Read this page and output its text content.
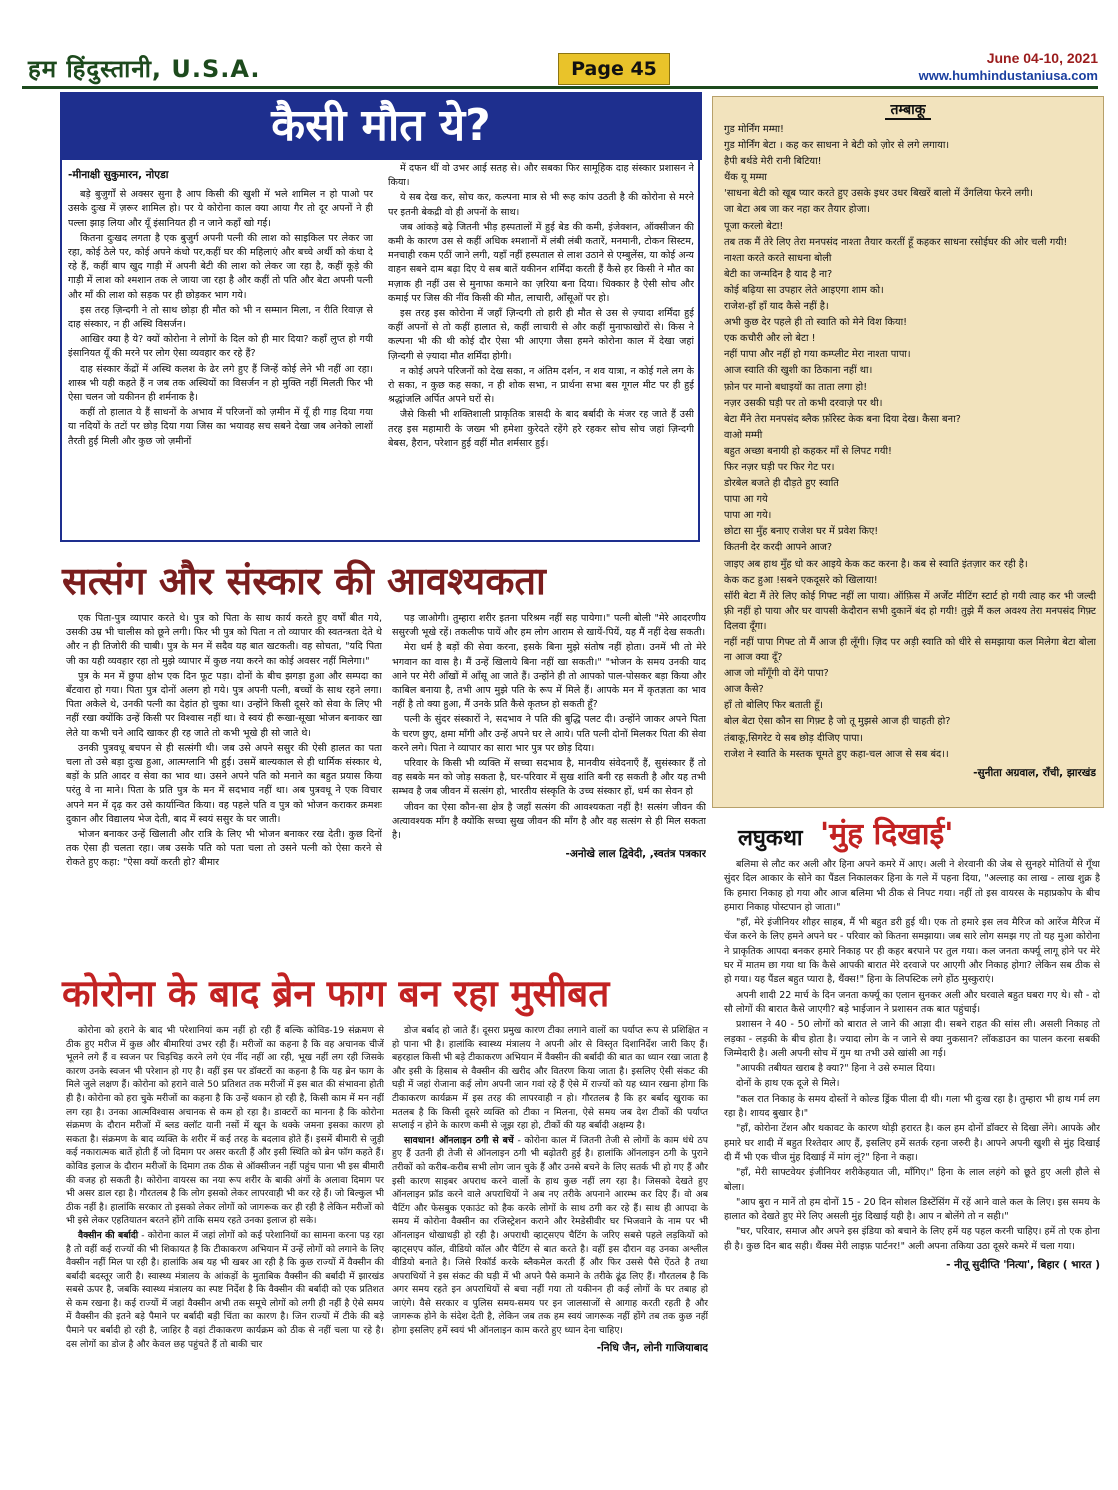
हम हिंदुस्तानी, U.S.A.	Page 45	June 04-10, 2021
www.humhindustaniusa.com
कैसी मौत ये?

-मीनाक्षी सुकुमारन, नोएडा

बड़े बुजुर्गों से अक्सर सुना है आप किसी की खुशी में भले शामिल न हो पाओ पर उसके दुःख में ज़रूर शामिल हो। पर ये कोरोना काल क्या आया गैर तो दूर अपनों ने ही पल्ला झाड़ लिया और यूँ इंसानियत ही न जाने कहाँ खो गई।

कितना दुःखद लगता है एक बुजुर्ग अपनी पत्नी की लाश को साइकिल पर लेकर जा रहा, कोई ठेले पर, कोई अपने कंधो पर,कहीं घर की महिलाएं और बच्चे अर्थी को कंधा दे रहे हैं, कहीं बाप खुद गाड़ी में अपनी बेटी की लाश को लेकर जा रहा है, कहीं कूड़े की गाड़ी में लाश को श्मशान तक ले जाया जा रहा है और कहीं तो पति और बेटा अपनी पत्नी और माँ की लाश को सड़क पर ही छोड़कर भाग गये।

इस तरह ज़िन्दगी ने तो साथ छोड़ा ही मौत को भी न सम्मान मिला, न रीति रिवाज़ से दाह संस्कार, न ही अस्थि विसर्जन।

आखिर क्या है ये? क्यों कोरोना ने लोगों के दिल को ही मार दिया? कहाँ लुप्त हो गयी इंसानियत यूँ की मरने पर लोग ऐसा व्यवहार कर रहे हैं?

दाह संस्कार केंद्रों में अस्थि कलश के ढेर लगे हुए हैं जिन्हें कोई लेने भी नहीं आ रहा। शास्त्र भी यही कहते हैं न जब तक अस्थियों का विसर्जन न हो मुक्ति नहीं मिलती फिर भी ऐसा चलन जो यकीनन ही शर्मनाक है।

कहीं तो हालात ये हैं साधनों के अभाव में परिजनों को ज़मीन में यूँ ही गाड़ दिया गया या नदियों के तटों पर छोड़ दिया गया जिस का भयावह सच सबने देखा जब अनेको लाशों तैरती हुई मिली और कुछ जो ज़मीनों

में दफन थीं वो उभर आई सतह से। और सबका फिर सामूहिक दाह संस्कार प्रशासन ने किया।

ये सब देख कर, सोच कर, कल्पना मात्र से भी रूह कांप उठती है की कोरोना से मरने पर इतनी बेकद्री वो ही अपनों के साथ।

जब आंकड़े बढ़े जितनी भीड़ हस्पतालों में हुई बेड की कमी, इंजेक्शन, ऑक्सीजन की कमी के कारण उस से कहीं अधिक श्मशानों में लंबी लंबी कतारें, मनमानी, टोकन सिस्टम, मनचाही रकम एठीं जाने लगी, यहाँ नहीं हस्पताल से लाश उठाने से एम्बुलेंस, या कोई अन्य वाहन सबने दाम बढ़ा दिए ये सब बातें यकीनन शर्मिंदा करती हैं कैसे हर किसी ने मौत का मज़ाक ही नहीं उस से मुनाफा कमाने का ज़रिया बना दिया। धिक्कार है ऐसी सोच और कमाई पर जिस की नींव किसी की मौत, लाचारी, आँसूओं पर हो।

इस तरह इस कोरोना में जहाँ ज़िन्दगी तो हारी ही मौत से उस से ज़्यादा शर्मिंदा हुई कहीं अपनों से तो कहीं हालात से, कहीं लाचारी से और कहीं मुनाफाखोरों से। किस ने कल्पना भी की थी कोई दौर ऐसा भी आएगा जैसा हमने कोरोना काल में देखा जहां ज़िन्दगी से ज़्यादा मौत शर्मिंदा होगी।

न कोई अपने परिजनों को देख सका, न अंतिम दर्शन, न शव यात्रा, न कोई गले लग के रो सका, न कुछ कह सका, न ही शोक सभा, न प्रार्थना सभा बस गूगल मीट पर ही हुई श्रद्धांजलि अर्पित अपने घरों से।

जैसे किसी भी शक्तिशाली प्राकृतिक त्रासदी के बाद बर्बादी के मंजर रह जाते हैं उसी तरह इस महामारी के जख्म भी हमेशा कुरेदते रहेंगे हरे रहकर सोच सोच जहां ज़िन्दगी बेबस, हैरान, परेशान हुई वहीं मौत शर्मसार हुई।

सत्संग और संस्कार की आवश्यकता

एक पिता-पुत्र व्यापार करते थे। पुत्र को पिता के साथ कार्य करते हुए वर्षों बीत गये, उसकी उम्र भी चालीस को छूने लगी। फिर भी पुत्र को पिता न तो व्यापार की स्वतन्त्रता देते थे और न ही तिजोरी की चाबी। पुत्र के मन में सदैव यह बात खटकती। वह सोचता, "यदि पिता जी का यही व्यवहार रहा तो मुझे व्यापार में कुछ नया करने का कोई अवसर नहीं मिलेगा।"

पुत्र के मन में छुपा क्षोभ एक दिन फूट पड़ा। दोनों के बीच झगड़ा हुआ और सम्पदा का बँटवारा हो गया। पिता पुत्र दोनों अलग हो गये। पुत्र अपनी पत्नी, बच्चों के साथ रहने लगा। पिता अकेले थे, उनकी पत्नी का देहांत हो चुका था। उन्होंने किसी दूसरे को सेवा के लिए भी नहीं रखा क्योंकि उन्हें किसी पर विश्वास नहीं था। वे स्वयं ही रूखा-सूखा भोजन बनाकर खा लेते या कभी चने आदि खाकर ही रह जाते तो कभी भूखे ही सो जाते थे।

उनकी पुत्रवधू बचपन से ही सत्संगी थी। जब उसे अपने ससुर की ऐसी हालत का पता चला तो उसे बड़ा दुःख हुआ, आत्मग्लानि भी हुई। उसमें बाल्यकाल से ही धार्मिक संस्कार थे, बड़ों के प्रति आदर व सेवा का भाव था। उसने अपने पति को मनाने का बहुत प्रयास किया परंतु वे ना माने। पिता के प्रति पुत्र के मन में सदभाव नहीं था। अब पुत्रवधू ने एक विचार अपने मन में दृढ़ कर उसे कार्यान्वित किया। वह पहले पति व पुत्र को भोजन कराकर क्रमशः दुकान और विद्यालय भेज देती, बाद में स्वयं ससुर के घर जाती।

भोजन बनाकर उन्हें खिलाती और रात्रि के लिए भी भोजन बनाकर रख देती। कुछ दिनों तक ऐसा ही चलता रहा। जब उसके पति को पता चला तो उसने पत्नी को ऐसा करने से रोकते हुए कहा: "ऐसा क्यों करती हो? बीमार

पड़ जाओगी। तुम्हारा शरीर इतना परिश्रम नहीं सह पायेगा।" पत्नी बोली "मेरे आदरणीय ससुरजी भूखे रहें। तकलीफ पायें और हम लोग आराम से खायें-पियें, यह मैं नहीं देख सकती।

मेरा धर्म है बड़ों की सेवा करना, इसके बिना मुझे संतोष नहीं होता। उनमें भी तो मेरे भगवान का वास है। मैं उन्हें खिलाये बिना नहीं खा सकती।" "भोजन के समय उनकी याद आने पर मेरी आँखों में आँसू आ जाते हैं। उन्होंने ही तो आपको पाल-पोसकर बड़ा किया और काबिल बनाया है, तभी आप मुझे पति के रूप में मिले हैं। आपके मन में कृतज्ञता का भाव नहीं है तो क्या हुआ, मैं उनके प्रति कैसे कृतघ्न हो सकती हूँ?

पत्नी के सुंदर संस्कारों ने, सदभाव ने पति की बुद्धि पलट दी। उन्होंने जाकर अपने पिता के चरण छुए, क्षमा माँगी और उन्हें अपने घर ले आये। पति पत्नी दोनों मिलकर पिता की सेवा करने लगे। पिता ने व्यापार का सारा भार पुत्र पर छोड़ दिया।

परिवार के किसी भी व्यक्ति में सच्चा सदभाव है, मानवीय संवेदनाएँ हैं, सुसंस्कार हैं तो वह सबके मन को जोड़ सकता है, घर-परिवार में सुख शांति बनी रह सकती है और यह तभी सम्भव है जब जीवन में सत्संग हो, भारतीय संस्कृति के उच्च संस्कार हों, धर्म का सेवन हो

जीवन का ऐसा कौन-सा क्षेत्र है जहाँ सत्संग की आवश्यकता नहीं है! सत्संग जीवन की अत्यावश्यक माँग है क्योंकि सच्चा सुख जीवन की माँग है और वह सत्संग से ही मिल सकता है।

-अनोखे लाल द्विवेदी, ,स्वतंत्र पत्रकार

कोरोना के बाद ब्रेन फाग बन रहा मुसीबत

कोरोना को हराने के बाद भी परेशानियां कम नहीं हो रही हैं बल्कि कोविड-19 संक्रमण से ठीक हुए मरीज में कुछ और बीमारियां उभर रही हैं। मरीजों का कहना है कि वह अचानक चीजें भूलने लगे हैं व स्वजन पर चिड़चिड़ करने लगे एंव नींद नहीं आ रही, भूख नहीं लग रही जिसके कारण उनके स्वजन भी परेशान हो गए है। वहीं इस पर डॉक्टरों का कहना है कि यह ब्रेन फाग के मिले जुले लक्षण हैं। कोरोना को हराने वाले 50 प्रतिशत तक मरीजों में इस बात की संभावना होती ही है। कोरोना को हरा चुके मरीजों का कहना है कि उन्हें थकान हो रही है, किसी काम में मन नहीं लग रहा है। उनका आत्मविश्वास अचानक से कम हो रहा है। डाक्टरों का मानना है कि कोरोना संक्रमण के दौरान मरीजों में ब्लड क्लॉट यानी नसों में खून के थक्के जमना इसका कारण हो सकता है। संक्रमण के बाद व्यक्ति के शरीर में कई तरह के बदलाव होते हैं। इसमें बीमारी से जुड़ी कई नकारात्मक बातें होती हैं जो दिमाग पर असर करती हैं और इसी स्थिति को ब्रेन फॉग कहते हैं। कोविड इलाज के दौरान मरीजों के दिमाग तक ठीक से ऑक्सीजन नहीं पहुंच पाना भी इस बीमारी की वजह हो सकती है। कोरोना वायरस का नया रूप शरीर के बाकी अंगों के अलावा दिमाग पर भी असर डाल रहा है। गौरतलब है कि लोग इसको लेकर लापरवाही भी कर रहे हैं। जो बिल्कुल भी ठीक नहीं है। हालांकि सरकार तो इसको लेकर लोगों को जागरूक कर ही रही है लेकिन मरीजों को भी इसे लेकर एहतियातन बरतने होंगे ताकि समय रहते उनका इलाज हो सके।

वैक्सीन की बर्बादी - कोरोना काल में जहां लोगों को कई परेशानियों का सामना करना पड़ रहा है तो वहीं कई राज्यों की भी शिकायत है कि टीकाकरण अभियान में उन्हें लोगों को लगाने के लिए वैक्सीन नहीं मिल पा रही है। हालांकि अब यह भी खबर आ रही है कि कुछ राज्यों में वैक्सीन की बर्बादी बदस्तूर जारी है। स्वास्थ्य मंत्रालय के आंकड़ों के मुताबिक वैक्सीन की बर्बादी में झारखंड सबसे ऊपर है, जबकि स्वास्थ्य मंत्रालय का स्पष्ट निर्देश है कि वैक्सीन की बर्बादी को एक प्रतिशत से कम रखना है। कई राज्यों में जहां वैक्सीन अभी तक समूचे लोगों को लगी ही नहीं है ऐसे समय में वैक्सीन की इतने बड़े पैमाने पर बर्बादी बड़ी चिंता का कारण है। जिन राज्यों में टीके की बड़े पैमाने पर बर्बादी हो रही है, जाहिर है वहां टीकाकरण कार्यक्रम को ठीक से नहीं चला पा रहे है। दस लोगों का डोज है और केवल छह पहुंचते हैं तो बाकी चार

डोज बर्बाद हो जाते हैं। दूसरा प्रमुख कारण टीका लगाने वालों का पर्याप्त रूप से प्रशिक्षित न हो पाना भी है। हालांकि स्वास्थ्य मंत्रालय ने अपनी ओर से विस्तृत दिशानिर्देश जारी किए हैं। बहरहाल किसी भी बड़े टीकाकरण अभियान में वैक्सीन की बर्बादी की बात का ध्यान रखा जाता है और इसी के हिसाब से वैक्सीन की खरीद और वितरण किया जाता है। इसलिए ऐसी संकट की घड़ी में जहां रोजाना कई लोग अपनी जान गवां रहे हैं ऐसे में राज्यों को यह ध्यान रखना होगा कि टीकाकरण कार्यक्रम में इस तरह की लापरवाही न हो। गौरतलब है कि हर बर्बाद खुराक का मतलब है कि किसी दूसरे व्यक्ति को टीका न मिलना, ऐसे समय जब देश टीकों की पर्याप्त सप्लाई न होने के कारण कमी से जूझ रहा हो, टीकों की यह बर्बादी अक्षम्य है।

सावधान! ऑनलाइन ठगी से बचें - कोरोना काल में जितनी तेजी से लोगों के काम धंधे ठप हुए हैं उतनी ही तेजी से ऑनलाइन ठगी भी बढ़ोतरी हुई है। हालांकि ऑनलाइन ठगी के पुराने तरीकों को करीब-करीब सभी लोग जान चुके हैं और उनसे बचने के लिए सतर्क भी हो गए हैं और इसी कारण साइबर अपराध करने वालों के हाथ कुछ नहीं लग रहा है। जिसको देखते हुए ऑनलाइन फ्रॉड करने वाले अपराधियों ने अब नए तरीके अपनाने आरम्भ कर दिए हैं। वो अब चैटिंग और फेसबुक एकाउंट को हैक करके लोगों के साथ ठगी कर रहे हैं। साथ ही आपदा के समय में कोरोना वैक्सीन का रजिस्ट्रेशन कराने और रेमडेसीवीर घर भिजवाने के नाम पर भी ऑनलाइन धोखाधड़ी हो रही है। अपराधी व्हाट्सएप चैटिंग के जरिए सबसे पहले लड़कियों को व्हाट्सएप कॉल, वीडियो कॉल और चैटिंग से बात करते है। वहीं इस दौरान वह उनका अश्लील वीडियो बनाते है। जिसे रिकॉर्ड करके ब्लैकमेल करती हैं और फिर उससे पैसे ऐंठते है तथा अपराधियों ने इस संकट की घड़ी में भी अपने पैसे कमाने के तरीके ढूंढ लिए हैं। गौरतलब है कि अगर समय रहते इन अपराधियों से बचा नहीं गया तो यकीनन ही कई लोगों के घर तबाह हो जाएंगे। वैसे सरकार व पुलिस समय-समय पर इन जालसाजों से आगाह करती रहती है और जागरूक होने के संदेश देती है, लेकिन जब तक हम स्वयं जागरूक नहीं होंगे तब तक कुछ नहीं होगा इसलिए हमें स्वयं भी ऑनलाइन काम करते हुए ध्यान देना चाहिए।

-निधि जैन, लोनी गाजियाबाद

तम्बाकू

गुड मोर्निंग मम्मा!

गुड मोर्निंग बेटा । कह कर साधना ने बेटी को ज़ोर से लगे लगाया।

हैपी बर्थडे मेरी रानी बिटिया!

थैंक यू मम्मा

'साधना बेटी को खूब प्यार करते हुए उसके इधर उधर बिखरें बालो में उँगलिया फेरने लगी।

जा बेटा अब जा कर नहा कर तैयार होजा।

पूजा करलो बेटा!

तब तक मैं तेरे लिए तेरा मनपसंद नाश्ता तैयार करतीं हूँ कहकर साधना रसोईघर की ओर चली गयी!

नाश्ता करते करते साधना बोली

बेटी का जन्मदिन है याद है ना?

कोई बढ़िया सा उपहार लेते आइएगा शाम को।

राजेश-हाँ हाँ याद कैसे नहीं है।

अभी कुछ देर पहले ही तो स्वाति को मेने विश किया!

एक कचौरी और लो बेटा !

नहीं पापा और नहीं हो गया कम्प्लीट मेरा नाश्ता पापा।

आज स्वाति की खुशी का ठिकाना नहीं था।

फ़ोन पर मानो बधाइयों का ताता लगा हो!

नज़र उसकी घड़ी पर तो कभी दरवाज़े पर थी।

बेटा मैंने तेरा मनपसंद ब्लैक फ़ॉरेस्ट केक बना दिया देख। कैसा बना?

वाओ मम्मी

बहुत अच्छा बनायी हो कहकर माँ से लिपट गयी!

फिर नज़र घड़ी पर फिर गेट पर।

डोरबेल बजते ही दौड़ते हुए स्वाति

पापा आ गये

पापा आ गये।

छोटा सा मुँह बनाए राजेश घर में प्रवेश किए!

कितनी देर करदी आपने आज?

जाइए अब हाथ मुँह धो कर आइये केक कट करना है। कब से स्वाति इंतज़ार कर रही है।

केक कट हुआ !सबने एकदूसरे को खिलाया!

सॉरी बेटा मैं तेरे लिए कोई गिफ्ट नहीं ला पाया। ऑफ़िस में अर्जेंट मीटिंग स्टार्ट हो गयी त्वाह कर भी जल्दी फ़्री नहीं हो पाया और घर वापसी केदौरान सभी दुकानें बंद हो गयी! तुझे मैं कल अवश्य तेरा मनपसंद गिफ़्ट दिलवा दूँगा।

नहीं नहीं पापा गिफ्ट तो मैं आज ही लूँगी। ज़िद पर अड़ी स्वाति को धीरे से समझाया कल मिलेगा बेटा बोला ना आज क्या दूँ?

आज जो माँगूँगी वो देंगे पापा?

आज कैसे?

हाँ तो बोलिए फिर बताती हूँ।

बोल बेटा ऐसा कौन सा गिफ़्ट है जो तू मुझसे आज ही चाहती हो?

तंबाकू,सिगरेट ये सब छोड़ दीजिए पापा।

राजेश ने स्वाति के मस्तक चूमते हुए कहा-चल आज से सब बंद।।

-सुनीता अग्रवाल, राँची, झारखंड

लघुकथा 'मुंह दिखाई'

बलिमा से लौट कर अली और हिना अपने कमरे में आए। अली ने शेरवानी की जेब से सुनहरे मोतियों से गूँथा सुंदर दिल आकार के सोने का पैंडल निकालकर हिना के गले में पहना दिया, "अल्लाह का लाख - लाख शुक्र है कि हमारा निकाह हो गया और आज बलिमा भी ठीक से निपट गया। नहीं तो इस वायरस के महाप्रकोप के बीच हमारा निकाह पोस्टपान हो जाता।"

"हाँ, मेरे इंजीनियर शौहर साहब, मैं भी बहुत डरी हुई थी। एक तो हमारे इस लव मैरिज को आरेंज मैरिज में चेंज करने के लिए हमने अपने घर - परिवार को कितना समझाया। जब सारे लोग समझ गए तो यह मुआ कोरोना ने प्राकृतिक आपदा बनकर हमारे निकाह पर ही कहर बरपाने पर तुल गया। कल जनता कर्फ्यू लागू होने पर मेरे घर में मातम छा गया था कि कैसे आपकी बारात मेरे दरवाजे पर आएगी और निकाह होगा? लेकिन सब ठीक से हो गया। यह पैंडल बहुत प्यारा है, थैंक्स!" हिना के लिपस्टिक लगे होंठ मुस्कुराएं।

अपनी शादी 22 मार्च के दिन जनता कर्फ्यू का एलान सुनकर अली और घरवाले बहुत घबरा गए थे। सौ - दो सौ लोगों की बारात कैसे जाएगी? बड़े भाईजान ने प्रशासन तक बात पहुंचाई।

प्रशासन ने 40 - 50 लोगों को बारात ले जाने की आज्ञा दी। सबने राहत की सांस ली। असली निकाह तो लड़का - लड़की के बीच होता है। ज्यादा लोग के न जाने से क्या नुकसान? लॉकडाउन का पालन करना सबकी जिम्मेदारी है। अली अपनी सोच में गुम था तभी उसे खांसी आ गई।

"आपकी तबीयत खराब है क्या?" हिना ने उसे रुमाल दिया।

दोनों के हाथ एक दूजे से मिले।

"कल रात निकाह के समय दोस्तों ने कोल्ड ड्रिंक पीला दी थी। गला भी दुःख रहा है। तुम्हारा भी हाथ गर्म लग रहा है। शायद बुखार है।"

"हाँ, कोरोना टेंशन और थकावट के कारण थोड़ी हरारत है। कल हम दोनों डॉक्टर से दिखा लेंगे। आपके और हमारे घर शादी में बहुत रिश्तेदार आए हैं, इसलिए हमें सतर्क रहना जरुरी है। आपने अपनी खुशी से मुंह दिखाई दी मैं भी एक चीज मुंह दिखाई में मांग लूं?" हिना ने कहा।

"हाँ, मेरी साफ्टवेयर इंजीनियर शरीकेहयात जी, माँगिए।" हिना के लाल लहंगे को छूते हुए अली हौले से बोला।

"आप बुरा न मानें तो हम दोनों 15 - 20 दिन सोशल डिस्टेंसिंग में रहें आने वाले कल के लिए। इस समय के हालात को देखते हुए मेरे लिए असली मुंह दिखाई यही है। आप न बोलेंगे तो न सही।"

"घर, परिवार, समाज और अपने इस इंडिया को बचाने के लिए हमें यह पहल करनी चाहिए। हमें तो एक होना ही है। कुछ दिन बाद सही। थैंक्स मेरी लाइफ़ पार्टनर!" अली अपना तकिया उठा दूसरे कमरे में चला गया।

- नीतू सुदीप्ति 'नित्या', बिहार ( भारत )
